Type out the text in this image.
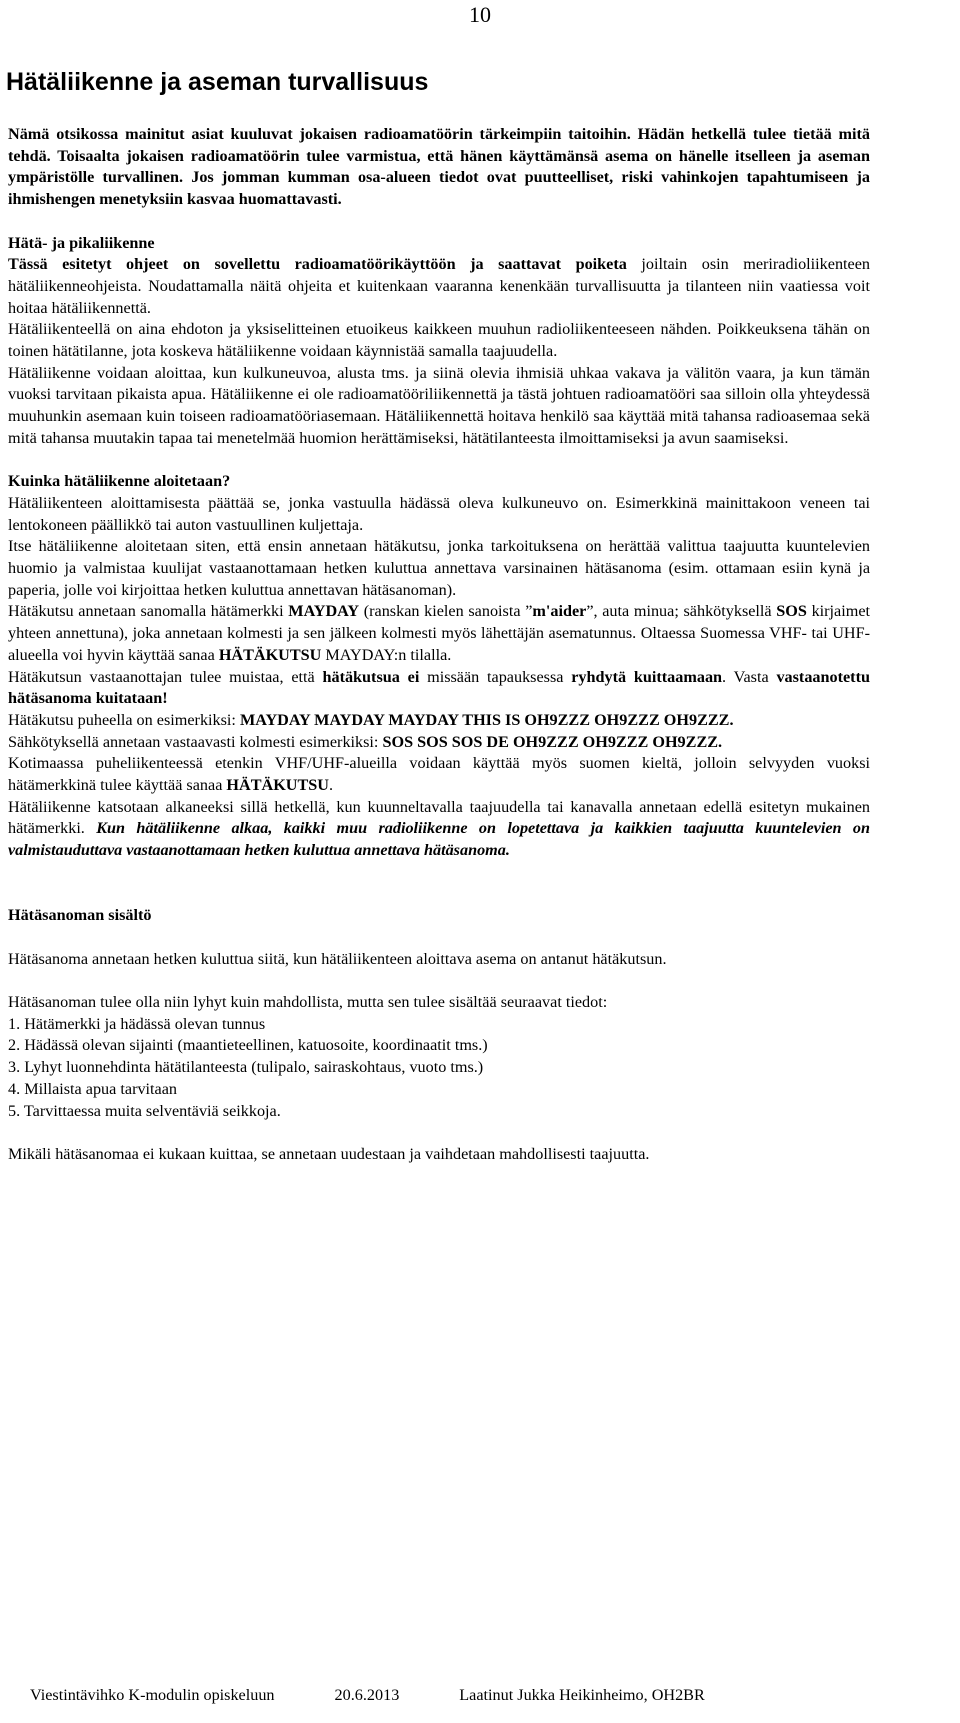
10
Hätäliikenne ja aseman turvallisuus

Nämä otsikossa mainitut asiat kuuluvat jokaisen radioamatöörin tärkeimpiin taitoihin. Hädän hetkellä tulee tietää mitä tehdä. Toisaalta jokaisen radioamatöörin tulee varmistua, että hänen käyttämänsä asema on hänelle itselleen ja aseman ympäristölle turvallinen. Jos jomman kumman osa-alueen tiedot ovat puutteelliset, riski vahinkojen tapahtumiseen ja ihmishengen menetyksiin kasvaa huomattavasti.

Hätä- ja pikaliikenne

Tässä esitetyt ohjeet on sovellettu radioamatöörikäyttöön ja saattavat poiketa joiltain osin meriradioliikenteen hätäliikenneohjeista. Noudattamalla näitä ohjeita et kuitenkaan vaaranna kenenkään turvallisuutta ja tilanteen niin vaatiessa voit hoitaa hätäliikennettä.

Hätäliikenteellä on aina ehdoton ja yksiselitteinen etuoikeus kaikkeen muuhun radioliikenteeseen nähden. Poikkeuksena tähän on toinen hätätilanne, jota koskeva hätäliikenne voidaan käynnistää samalla taajuudella.

Hätäliikenne voidaan aloittaa, kun kulkuneuvoa, alusta tms. ja siinä olevia ihmisiä uhkaa vakava ja välitön vaara, ja kun tämän vuoksi tarvitaan pikaista apua. Hätäliikenne ei ole radioamatööriliikennettä ja tästä johtuen radioamatööri saa silloin olla yhteydessä muuhunkin asemaan kuin toiseen radioamatööriasemaan. Hätäliikennettä hoitava henkilö saa käyttää mitä tahansa radioasemaa sekä mitä tahansa muutakin tapaa tai menetelmää huomion herättämiseksi, hätätilanteesta ilmoittamiseksi ja avun saamiseksi.

Kuinka hätäliikenne aloitetaan?

Hätäliikenteen aloittamisesta päättää se, jonka vastuulla hädässä oleva kulkuneuvo on. Esimerkkinä mainittakoon veneen tai lentokoneen päällikkö tai auton vastuullinen kuljettaja.

Itse hätäliikenne aloitetaan siten, että ensin annetaan hätäkutsu, jonka tarkoituksena on herättää valittua taajuutta kuuntelevien huomio ja valmistaa kuulijat vastaanottamaan hetken kuluttua annettava varsinainen hätäsanoma (esim. ottamaan esiin kynä ja paperia, jolle voi kirjoittaa hetken kuluttua annettavan hätäsanoman).

Hätäkutsu annetaan sanomalla hätämerkki MAYDAY (ranskan kielen sanoista ”m'aider”, auta minua; sähkötyksellä SOS kirjaimet yhteen annettuna), joka annetaan kolmesti ja sen jälkeen kolmesti myös lähettäjän asematunnus. Oltaessa Suomessa VHF- tai UHF-alueella voi hyvin käyttää sanaa HÄTÄKUTSU MAYDAY:n tilalla.

Hätäkutsun vastaanottajan tulee muistaa, että hätäkutsua ei missään tapauksessa ryhdytä kuittaamaan. Vasta vastaanotettu hätäsanoma kuitataan!

Hätäkutsu puheella on esimerkiksi: MAYDAY MAYDAY MAYDAY THIS IS OH9ZZZ OH9ZZZ OH9ZZZ.

Sähkötyksellä annetaan vastaavasti kolmesti esimerkiksi: SOS SOS SOS DE OH9ZZZ OH9ZZZ OH9ZZZ.

Kotimaassa puheliikenteessä etenkin VHF/UHF-alueilla voidaan käyttää myös suomen kieltä, jolloin selvyyden vuoksi hätämerkkinä tulee käyttää sanaa HÄTÄKUTSU.

Hätäliikenne katsotaan alkaneeksi sillä hetkellä, kun kuunneltavalla taajuudella tai kanavalla annetaan edellä esitetyn mukainen hätämerkki. Kun hätäliikenne alkaa, kaikki muu radioliikenne on lopetettava ja kaikkien taajuutta kuuntelevien on valmistauduttava vastaanottamaan hetken kuluttua annettava hätäsanoma.

Hätäsanoman sisältö

Hätäsanoma annetaan hetken kuluttua siitä, kun hätäliikenteen aloittava asema on antanut hätäkutsun.

Hätäsanoman tulee olla niin lyhyt kuin mahdollista, mutta sen tulee sisältää seuraavat tiedot:

1. Hätämerkki ja hädässä olevan tunnus

2. Hädässä olevan sijainti (maantieteellinen, katuosoite, koordinaatit tms.)

3. Lyhyt luonnehdinta hätätilanteesta (tulipalo, sairaskohtaus, vuoto tms.)

4. Millaista apua tarvitaan

5. Tarvittaessa muita selventäviä seikkoja.

Mikäli hätäsanomaa ei kukaan kuittaa, se annetaan uudestaan ja vaihdetaan mahdollisesti taajuutta.

Viestintävihko K-modulin opiskeluun	20.6.2013	Laatinut Jukka Heikinheimo, OH2BR
